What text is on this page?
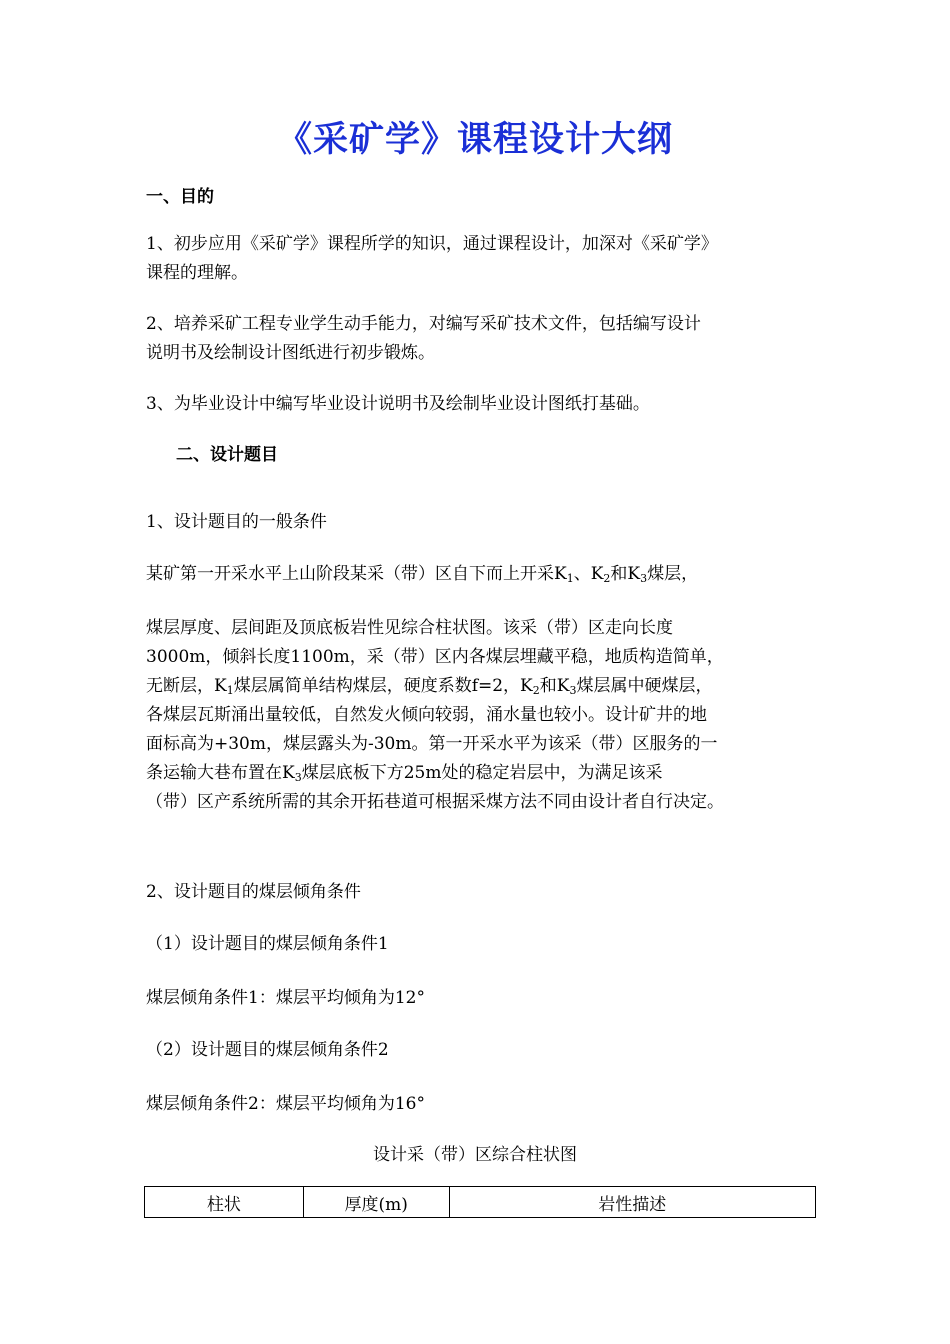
《采矿学》课程设计大纲
一、目的
1、初步应用《采矿学》课程所学的知识，通过课程设计，加深对《采矿学》
课程的理解。
2、培养采矿工程专业学生动手能力，对编写采矿技术文件，包括编写设计
说明书及绘制设计图纸进行初步锻炼。
3、为毕业设计中编写毕业设计说明书及绘制毕业设计图纸打基础。
二、设计题目
1、设计题目的一般条件
某矿第一开采水平上山阶段某采（带）区自下而上开采$K_1$、$K_2$和$K_3$煤层，
煤层厚度、层间距及顶底板岩性见综合柱状图。该采（带）区走向长度
3000m，倾斜长度1100m，采（带）区内各煤层埋藏平稳，地质构造简单，
无断层，$K_1$煤层属简单结构煤层，硬度系数f=2，$K_2$和$K_3$煤层属中硬煤层，
各煤层瓦斯涌出量较低，自然发火倾向较弱，涌水量也较小。设计矿井的地
面标高为+30m，煤层露头为-30m。第一开采水平为该采（带）区服务的一
条运输大巷布置在$K_3$煤层底板下方25m处的稳定岩层中，为满足该采
（带）区产系统所需的其余开拓巷道可根据采煤方法不同由设计者自行决定。
2、设计题目的煤层倾角条件
（1）设计题目的煤层倾角条件1
煤层倾角条件1：煤层平均倾角为12°
（2）设计题目的煤层倾角条件2
煤层倾角条件2：煤层平均倾角为16°
设计采（带）区综合柱状图
柱状	厚度(m)	岩性描述
